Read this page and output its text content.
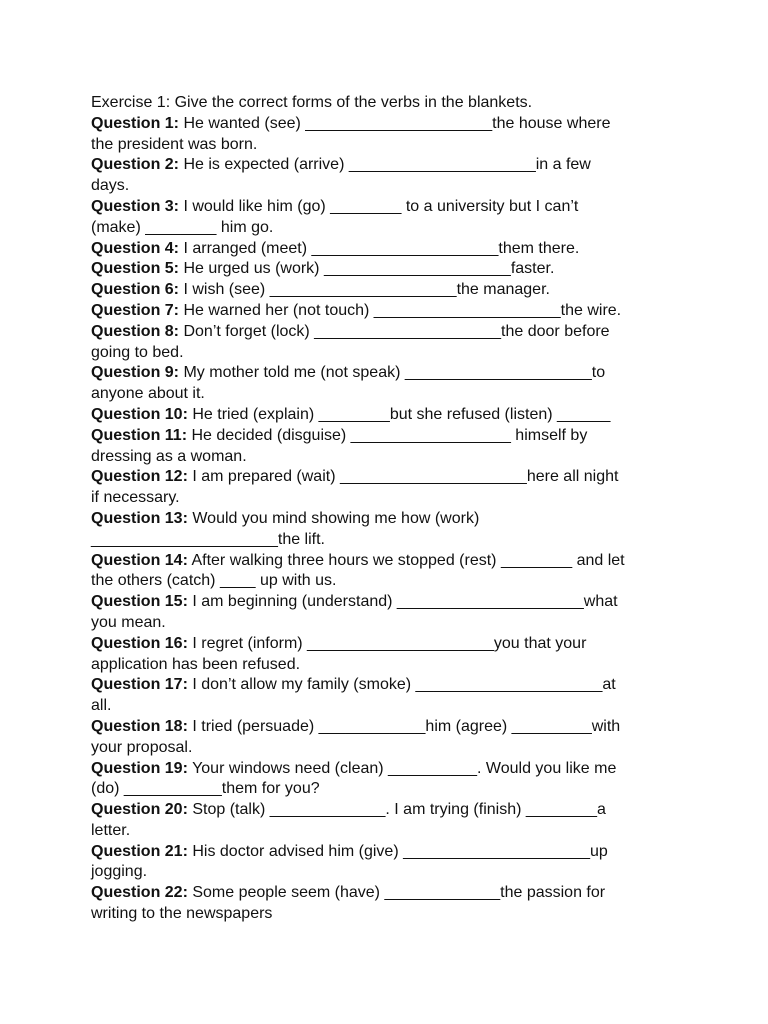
Exercise 1: Give the correct forms of the verbs in the blankets.
Question 1: He wanted (see) _____________________the house where
the president was born.
Question 2: He is expected (arrive) _____________________in a few
days.
Question 3: I would like him (go) ________ to a university but I can’t
(make) ________ him go.
Question 4: I arranged (meet) _____________________them there.
Question 5: He urged us (work) _____________________faster.
Question 6: I wish (see) _____________________the manager.
Question 7: He warned her (not touch) _____________________the wire.
Question 8: Don’t forget (lock) _____________________the door before
going to bed.
Question 9: My mother told me (not speak) _____________________to
anyone about it.
Question 10: He tried (explain) ________but she refused (listen) ______
Question 11: He decided (disguise) __________________ himself by
dressing as a woman.
Question 12: I am prepared (wait) _____________________here all night
if necessary.
Question 13: Would you mind showing me how (work)
_____________________the lift.
Question 14: After walking three hours we stopped (rest) ________ and let
the others (catch) ____ up with us.
Question 15: I am beginning (understand) _____________________what
you mean.
Question 16: I regret (inform) _____________________you that your
application has been refused.
Question 17: I don’t allow my family (smoke) _____________________at
all.
Question 18: I tried (persuade) ____________him (agree) _________with
your proposal.
Question 19: Your windows need (clean) __________. Would you like me
(do) ___________them for you?
Question 20: Stop (talk) _____________. I am trying (finish) ________a
letter.
Question 21: His doctor advised him (give) _____________________up
jogging.
Question 22: Some people seem (have) _____________the passion for
writing to the newspapers
